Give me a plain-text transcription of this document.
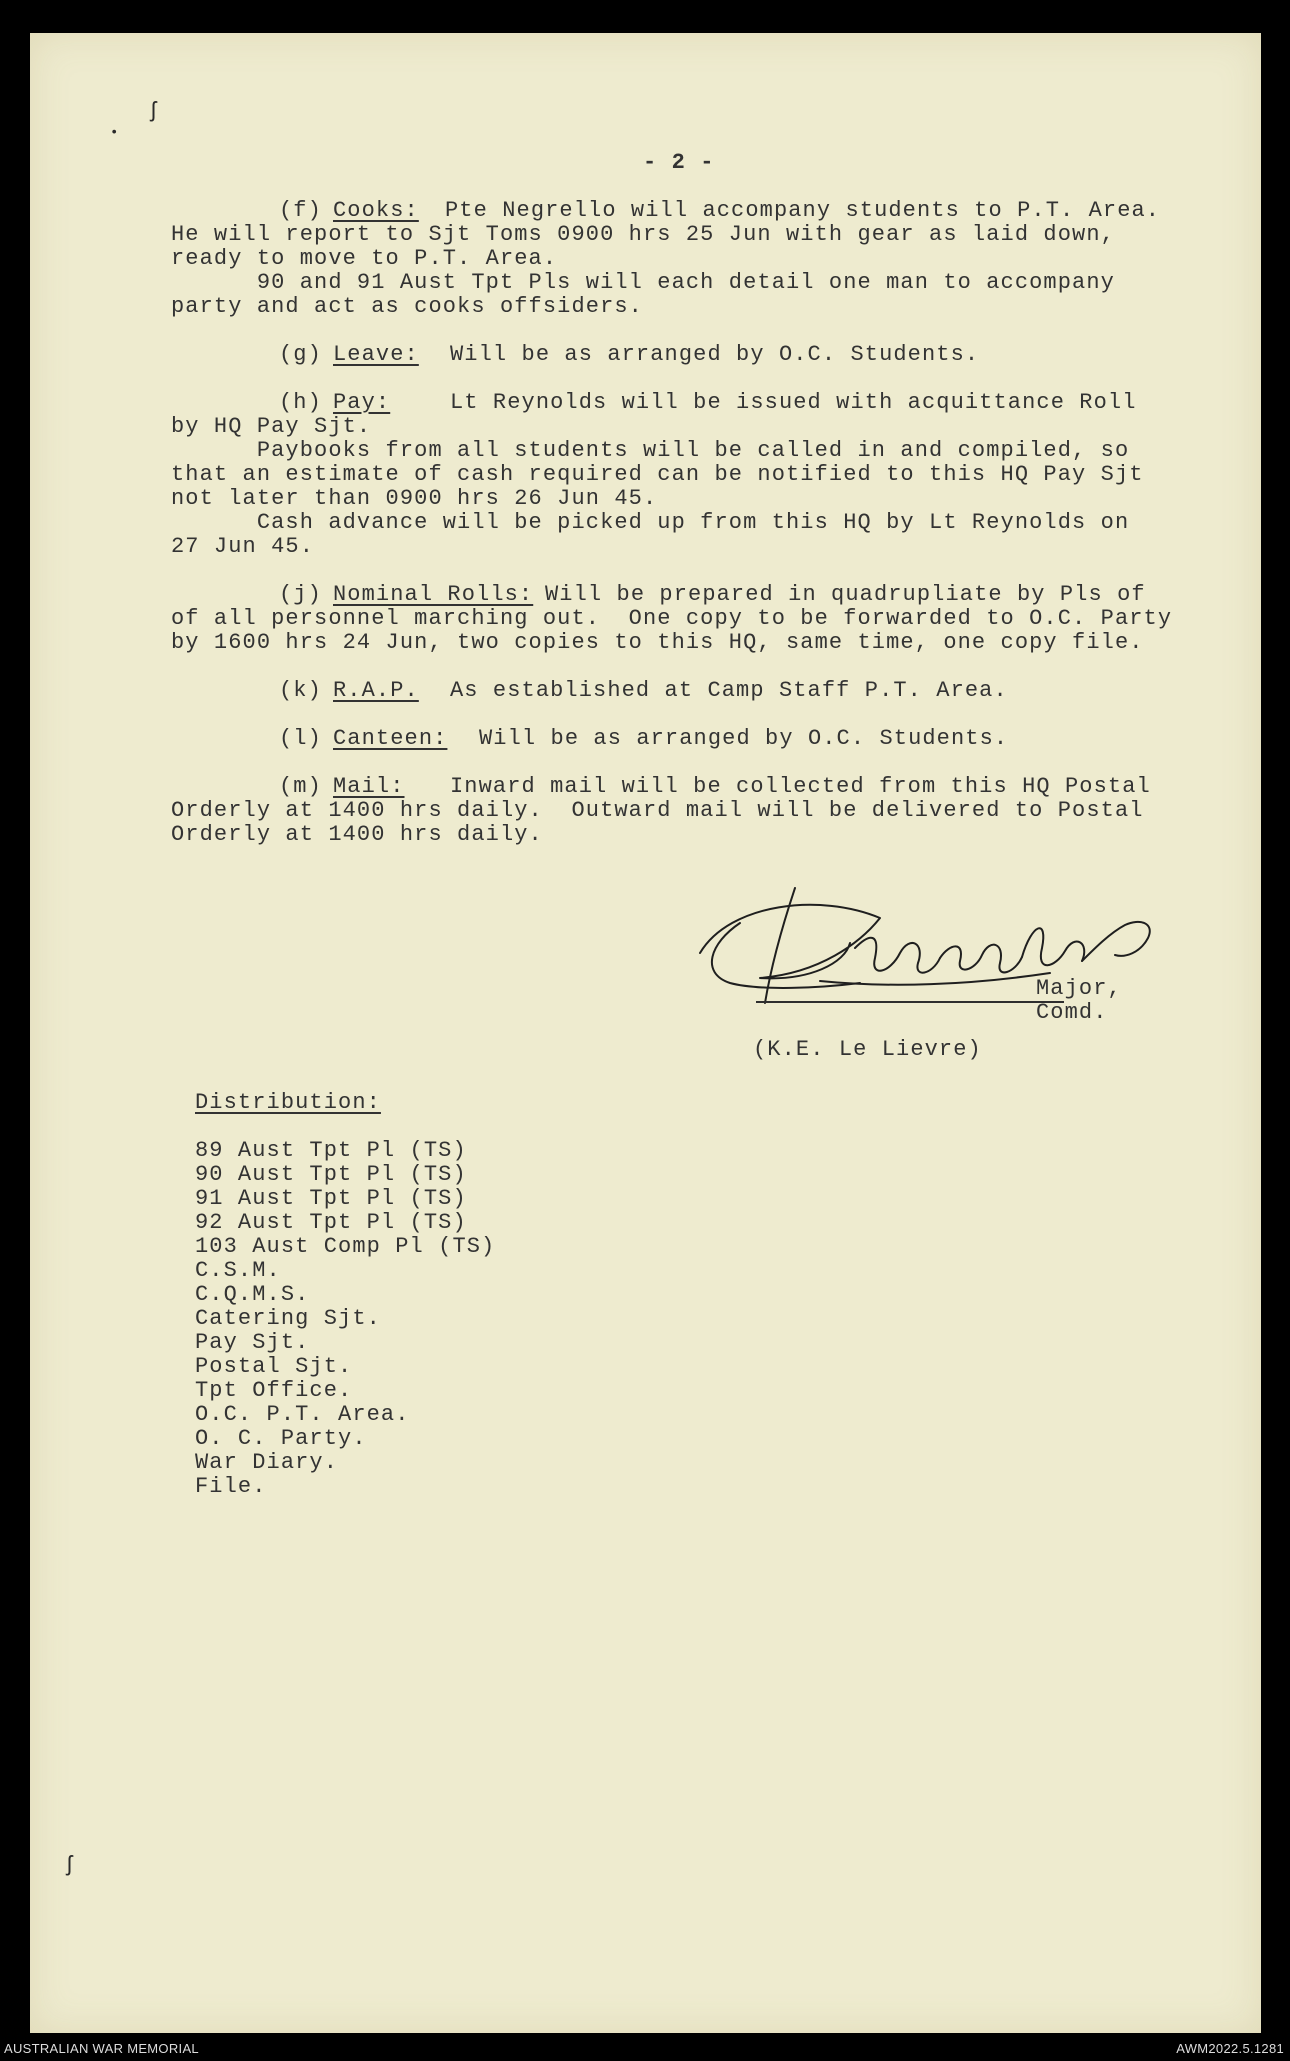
ʃ
•
ʃ
- 2 -
(f) Cooks: Pte Negrello will accompany students to P.T. Area.
He will report to Sjt Toms 0900 hrs 25 Jun with gear as laid down,
ready to move to P.T. Area.
90 and 91 Aust Tpt Pls will each detail one man to accompany
party and act as cooks offsiders.
(g) Leave: Will be as arranged by O.C. Students.
(h) Pay:	Lt Reynolds will be issued with acquittance Roll
by HQ Pay Sjt.
Paybooks from all students will be called in and compiled, so
that an estimate of cash required can be notified to this HQ Pay Sjt
not later than 0900 hrs 26 Jun 45.
Cash advance will be picked up from this HQ by Lt Reynolds on
27 Jun 45.
(j) Nominal Rolls: Will be prepared in quadrupliate by Pls of
of all personnel marching out.  One copy to be forwarded to O.C. Party
by 1600 hrs 24 Jun, two copies to this HQ, same time, one copy file.
(k) R.A.P. As established at Camp Staff P.T. Area.
(l) Canteen: Will be as arranged by O.C. Students.
(m) Mail: Inward mail will be collected from this HQ Postal
Orderly at 1400 hrs daily.  Outward mail will be delivered to Postal
Orderly at 1400 hrs daily.
Major,
Comd.
(K.E. Le Lievre)
Distribution:
89 Aust Tpt Pl (TS)
90 Aust Tpt Pl (TS)
91 Aust Tpt Pl (TS)
92 Aust Tpt Pl (TS)
103 Aust Comp Pl (TS)
C.S.M.
C.Q.M.S.
Catering Sjt.
Pay Sjt.
Postal Sjt.
Tpt Office.
O.C. P.T. Area.
O. C. Party.
War Diary.
File.
AUSTRALIAN WAR MEMORIAL	AWM2022.5.1281
